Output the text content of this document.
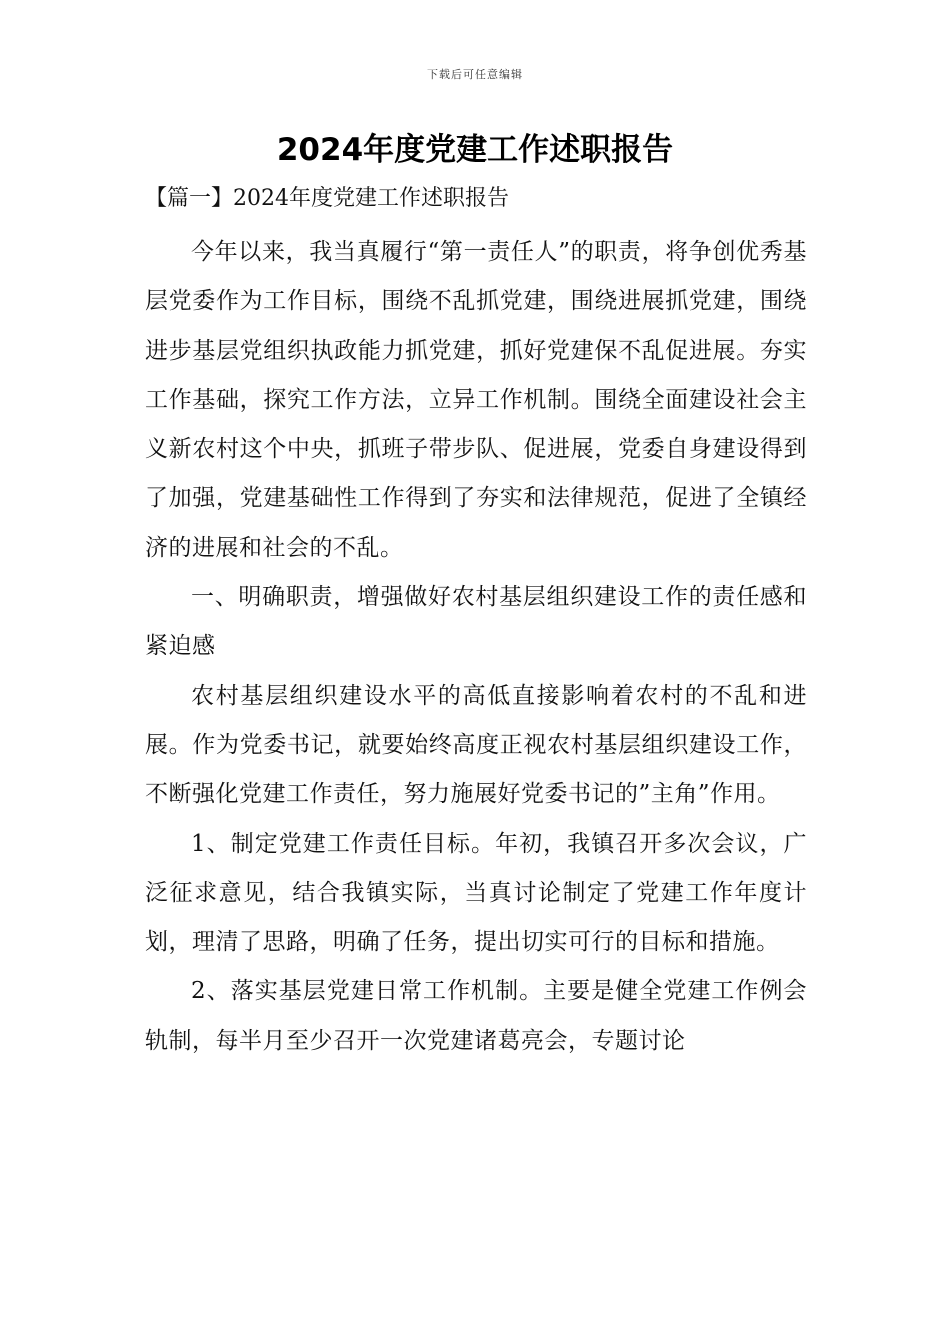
下载后可任意编辑
2024年度党建工作述职报告
【篇一】2024年度党建工作述职报告

今年以来，我当真履行“第一责任人”的职责，将争创优秀基层党委作为工作目标，围绕不乱抓党建，围绕进展抓党建，围绕进步基层党组织执政能力抓党建，抓好党建保不乱促进展。夯实工作基础，探究工作方法，立异工作机制。围绕全面建设社会主义新农村这个中央，抓班子带步队、促进展，党委自身建设得到了加强，党建基础性工作得到了夯实和法律规范，促进了全镇经济的进展和社会的不乱。

一、明确职责，增强做好农村基层组织建设工作的责任感和紧迫感

农村基层组织建设水平的高低直接影响着农村的不乱和进展。作为党委书记，就要始终高度正视农村基层组织建设工作，不断强化党建工作责任，努力施展好党委书记的”主角”作用。

1、制定党建工作责任目标。年初，我镇召开多次会议，广泛征求意见，结合我镇实际，当真讨论制定了党建工作年度计划，理清了思路，明确了任务，提出切实可行的目标和措施。

2、落实基层党建日常工作机制。主要是健全党建工作例会轨制，每半月至少召开一次党建诸葛亮会，专题讨论
